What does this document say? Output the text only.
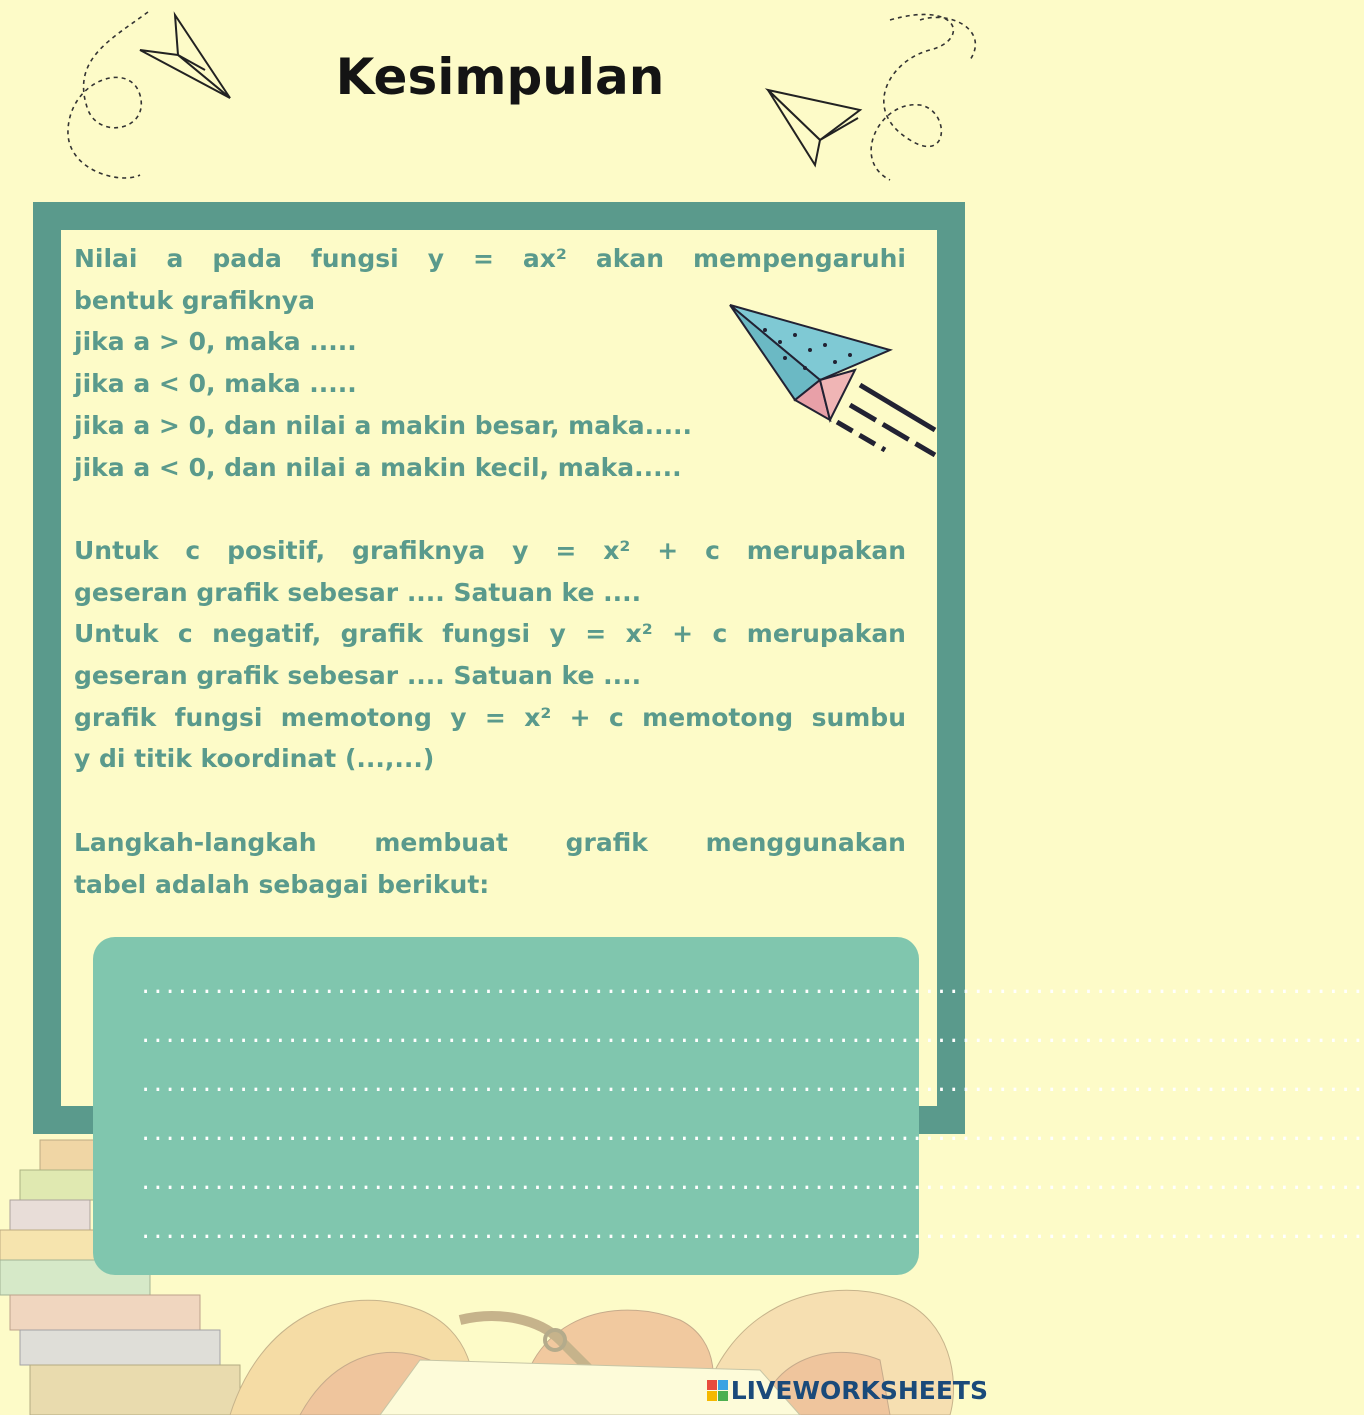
Kesimpulan

Nilai a pada fungsi y = ax² akan mempengaruhi

bentuk grafiknya

jika a > 0, maka .....

jika a < 0, maka .....

jika a > 0, dan nilai a makin besar, maka.....

jika a < 0, dan nilai a makin kecil, maka.....

Untuk c positif, grafiknya y = x² + c merupakan

geseran grafik sebesar .... Satuan ke ....

Untuk c negatif, grafik fungsi y = x² + c merupakan

geseran grafik sebesar .... Satuan ke ....

grafik fungsi memotong y = x² + c memotong sumbu

y di titik koordinat (...,...)

Langkah-langkah membuat grafik menggunakan

tabel adalah sebagai berikut:

....................................................................................................
....................................................................................................
....................................................................................................
....................................................................................................
....................................................................................................
....................................................................................................
LIVEWORKSHEETS
